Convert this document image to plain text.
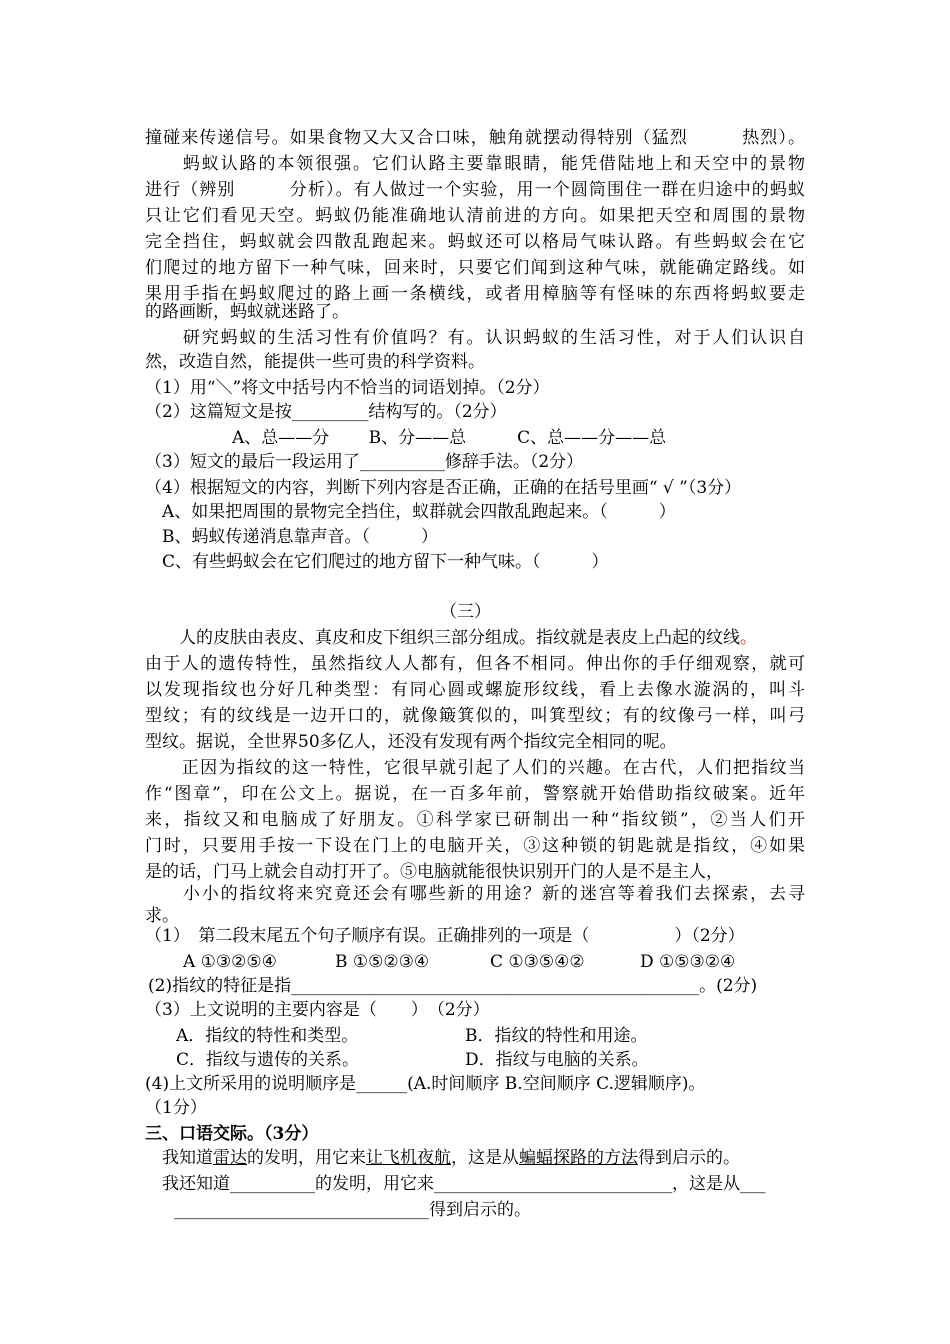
撞碰来传递信号。如果食物又大又合口味，触角就摆动得特别（猛烈　　　热烈）。
　　蚂蚁认路的本领很强。它们认路主要靠眼睛，能凭借陆地上和天空中的景物
进行（辨别　　　分析）。有人做过一个实验，用一个圆筒围住一群在归途中的蚂蚁
只让它们看见天空。蚂蚁仍能准确地认清前进的方向。如果把天空和周围的景物
完全挡住，蚂蚁就会四散乱跑起来。蚂蚁还可以格局气味认路。有些蚂蚁会在它
们爬过的地方留下一种气味，回来时，只要它们闻到这种气味，就能确定路线。如
果用手指在蚂蚁爬过的路上画一条横线，或者用樟脑等有怪味的东西将蚂蚁要走
的路画断，蚂蚁就迷路了。
　　研究蚂蚁的生活习性有价值吗？有。认识蚂蚁的生活习性，对于人们认识自
然，改造自然，能提供一些可贵的科学资料。
（1）用“＼”将文中括号内不恰当的词语划掉。（2分）
（2）这篇短文是按_________结构写的。（2分）
A、总——分　　 B、分——总　　　C、总——分——总
（3）短文的最后一段运用了__________修辞手法。（2分）
（4）根据短文的内容，判断下列内容是否正确，正确的在括号里画“ √ ”（3分）
A、如果把周围的景物完全挡住，蚁群就会四散乱跑起来。（　　　）
B、蚂蚁传递消息靠声音。（　　　）
C、有些蚂蚁会在它们爬过的地方留下一种气味。（　　　）
（三）
　　人的皮肤由表皮、真皮和皮下组织三部分组成。指纹就是表皮上凸起的纹线。
由于人的遗传特性，虽然指纹人人都有，但各不相同。伸出你的手仔细观察，就可
以发现指纹也分好几种类型：有同心圆或螺旋形纹线，看上去像水漩涡的，叫斗
型纹；有的纹线是一边开口的，就像簸箕似的，叫箕型纹；有的纹像弓一样，叫弓
型纹。据说，全世界50多亿人，还没有发现有两个指纹完全相同的呢。
　　正因为指纹的这一特性，它很早就引起了人们的兴趣。在古代，人们把指纹当
作“图章”，印在公文上。据说，在一百多年前，警察就开始借助指纹破案。近年
来，指纹又和电脑成了好朋友。①科学家已研制出一种“指纹锁”，②当人们开
门时，只要用手按一下设在门上的电脑开关，③这种锁的钥匙就是指纹，④如果
是的话，门马上就会自动打开了。⑤电脑就能很快识别开门的人是不是主人，
　　小小的指纹将来究竟还会有哪些新的用途？新的迷宫等着我们去探索，去寻
求。
（1）　第二段末尾五个句子顺序有误。正确排列的一项是（　　　　　）（2分）
A ①③②⑤④	B ①⑤②③④	C ①③⑤④②	D ①⑤③②④
(2)指纹的特征是指________________________________________________。(2分)
（3）上文说明的主要内容是（　　）　（2分）
A．指纹的特性和类型。	B．指纹的特性和用途。
C．指纹与遗传的关系。	D．指纹与电脑的关系。
(4)上文所采用的说明顺序是______(A.时间顺序 B.空间顺序 C.逻辑顺序)。
（1分）
三、口语交际。（3分）
我知道雷达的发明，用它来让飞机夜航，这是从蝙蝠探路的方法得到启示的。
我还知道__________的发明，用它来____________________________，这是从___
______________________________得到启示的。
